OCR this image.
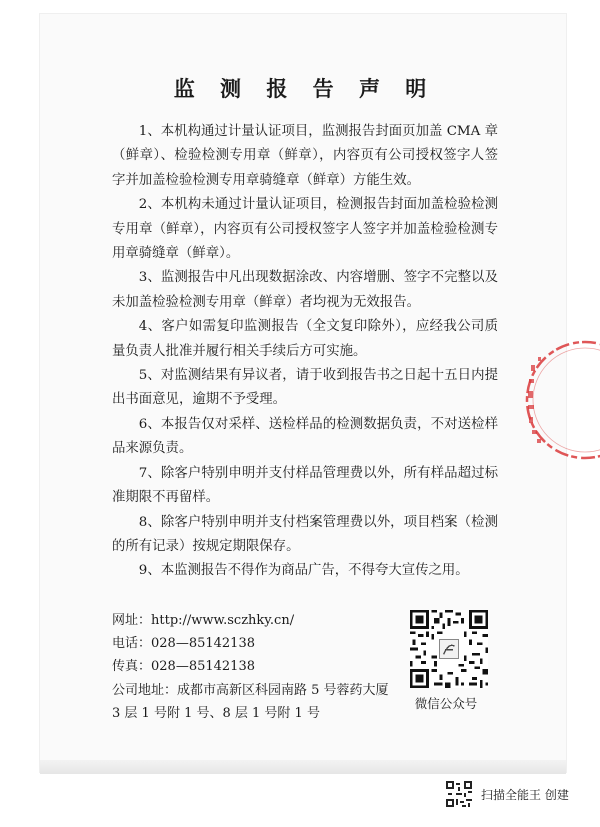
监 测 报 告 声 明

1、本机构通过计量认证项目，监测报告封面页加盖 CMA 章（鲜章）、检验检测专用章（鲜章），内容页有公司授权签字人签字并加盖检验检测专用章骑缝章（鲜章）方能生效。

2、本机构未通过计量认证项目，检测报告封面加盖检验检测专用章（鲜章），内容页有公司授权签字人签字并加盖检验检测专用章骑缝章（鲜章）。

3、监测报告中凡出现数据涂改、内容增删、签字不完整以及未加盖检验检测专用章（鲜章）者均视为无效报告。

4、客户如需复印监测报告（全文复印除外），应经我公司质量负责人批准并履行相关手续后方可实施。

5、对监测结果有异议者，请于收到报告书之日起十五日内提出书面意见，逾期不予受理。

6、本报告仅对采样、送检样品的检测数据负责，不对送检样品来源负责。

7、除客户特别申明并支付样品管理费以外，所有样品超过标准期限不再留样。

8、除客户特别申明并支付档案管理费以外，项目档案（检测的所有记录）按规定期限保存。

9、本监测报告不得作为商品广告，不得夸大宣传之用。

网址：http://www.sczhky.cn/
电话：028—85142138
传真：028—85142138
公司地址：成都市高新区科园南路 5 号蓉药大厦
3 层 1 号附 1 号、8 层 1 号附 1 号
微信公众号
扫描全能王 创建
